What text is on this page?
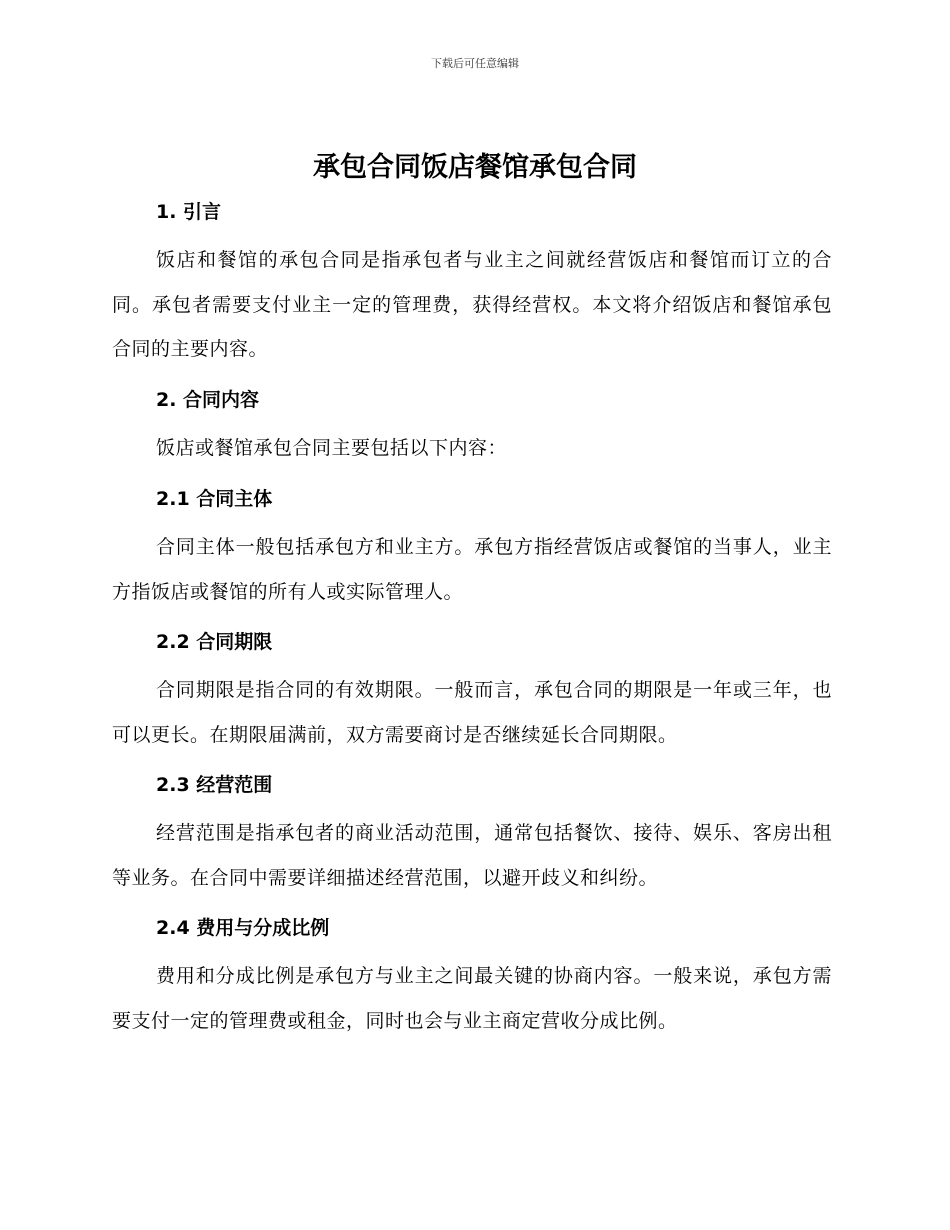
下载后可任意编辑
承包合同饭店餐馆承包合同
1. 引言

饭店和餐馆的承包合同是指承包者与业主之间就经营饭店和餐馆而订立的合同。承包者需要支付业主一定的管理费，获得经营权。本文将介绍饭店和餐馆承包合同的主要内容。

2. 合同内容

饭店或餐馆承包合同主要包括以下内容：

2.1 合同主体

合同主体一般包括承包方和业主方。承包方指经营饭店或餐馆的当事人，业主方指饭店或餐馆的所有人或实际管理人。

2.2 合同期限

合同期限是指合同的有效期限。一般而言，承包合同的期限是一年或三年，也可以更长。在期限届满前，双方需要商讨是否继续延长合同期限。

2.3 经营范围

经营范围是指承包者的商业活动范围，通常包括餐饮、接待、娱乐、客房出租等业务。在合同中需要详细描述经营范围，以避开歧义和纠纷。

2.4 费用与分成比例

费用和分成比例是承包方与业主之间最关键的协商内容。一般来说，承包方需要支付一定的管理费或租金，同时也会与业主商定营收分成比例。
